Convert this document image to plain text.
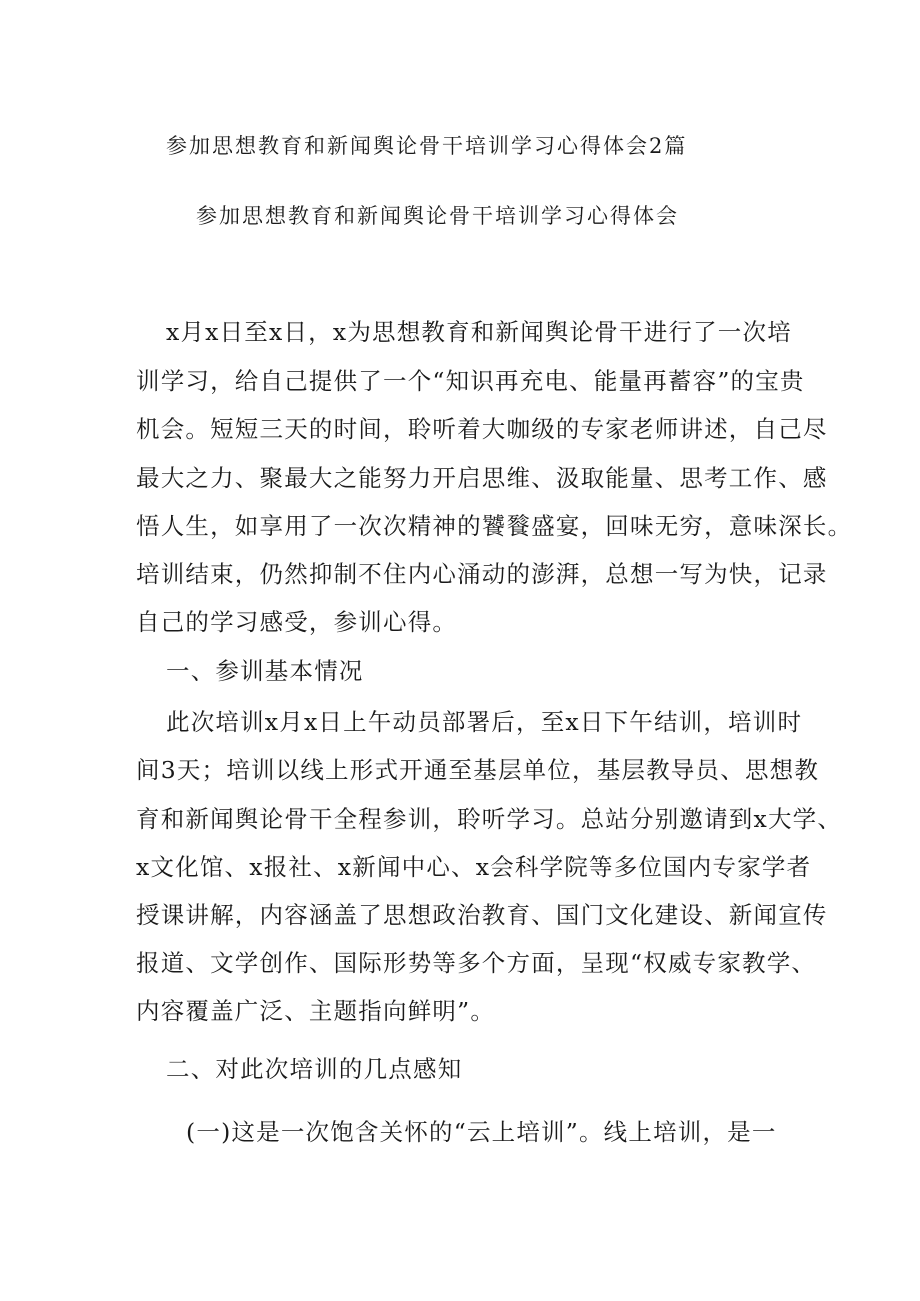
参加思想教育和新闻舆论骨干培训学习心得体会2篇
参加思想教育和新闻舆论骨干培训学习心得体会
x月x日至x日，x为思想教育和新闻舆论骨干进行了一次培
训学习，给自己提供了一个“知识再充电、能量再蓄容”的宝贵
机会。短短三天的时间，聆听着大咖级的专家老师讲述，自己尽
最大之力、聚最大之能努力开启思维、汲取能量、思考工作、感
悟人生，如享用了一次次精神的饕餮盛宴，回味无穷，意味深长。
培训结束，仍然抑制不住内心涌动的澎湃，总想一写为快，记录
自己的学习感受，参训心得。
一、参训基本情况
此次培训x月x日上午动员部署后，至x日下午结训，培训时
间3天；培训以线上形式开通至基层单位，基层教导员、思想教
育和新闻舆论骨干全程参训，聆听学习。总站分别邀请到x大学、
x文化馆、x报社、x新闻中心、x会科学院等多位国内专家学者
授课讲解，内容涵盖了思想政治教育、国门文化建设、新闻宣传
报道、文学创作、国际形势等多个方面，呈现“权威专家教学、
内容覆盖广泛、主题指向鲜明”。
二、对此次培训的几点感知
(一)这是一次饱含关怀的“云上培训”。线上培训，是一
